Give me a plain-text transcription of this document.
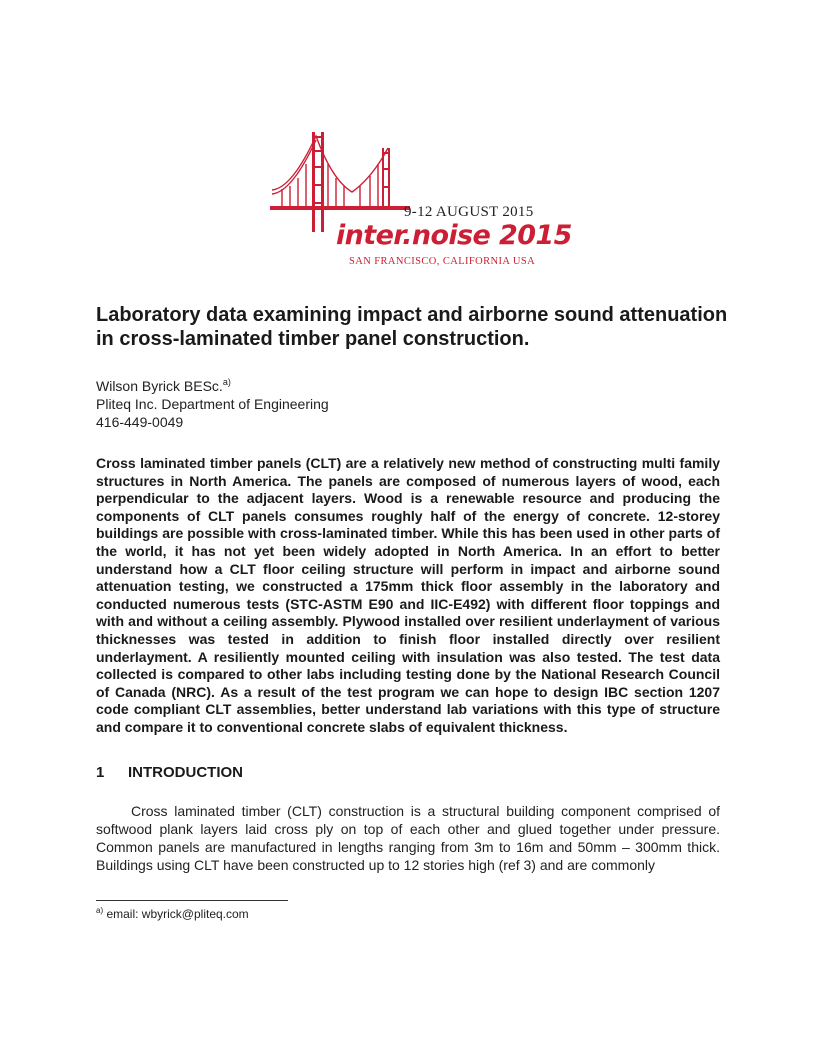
9-12 AUGUST 2015
inter.noise 2015
SAN FRANCISCO, CALIFORNIA USA
Laboratory data examining impact and airborne sound attenuation in cross-laminated timber panel construction.
Wilson Byrick BESc.$^{a)}$
Pliteq Inc. Department of Engineering
416-449-0049

Cross laminated timber panels (CLT) are a relatively new method of constructing multi family structures in North America. The panels are composed of numerous layers of wood, each perpendicular to the adjacent layers. Wood is a renewable resource and producing the components of CLT panels consumes roughly half of the energy of concrete. 12-storey buildings are possible with cross-laminated timber. While this has been used in other parts of the world, it has not yet been widely adopted in North America. In an effort to better understand how a CLT floor ceiling structure will perform in impact and airborne sound attenuation testing, we constructed a 175mm thick floor assembly in the laboratory and conducted numerous tests (STC-ASTM E90 and IIC-E492) with different floor toppings and with and without a ceiling assembly. Plywood installed over resilient underlayment of various thicknesses was tested in addition to finish floor installed directly over resilient underlayment. A resiliently mounted ceiling with insulation was also tested. The test data collected is compared to other labs including testing done by the National Research Council of Canada (NRC). As a result of the test program we can hope to design IBC section 1207 code compliant CLT assemblies, better understand lab variations with this type of structure and compare it to conventional concrete slabs of equivalent thickness.

1 INTRODUCTION

Cross laminated timber (CLT) construction is a structural building component comprised of softwood plank layers laid cross ply on top of each other and glued together under pressure. Common panels are manufactured in lengths ranging from 3m to 16m and 50mm – 300mm thick. Buildings using CLT have been constructed up to 12 stories high (ref 3) and are commonly

$^{a)}$ email: wbyrick@pliteq.com
